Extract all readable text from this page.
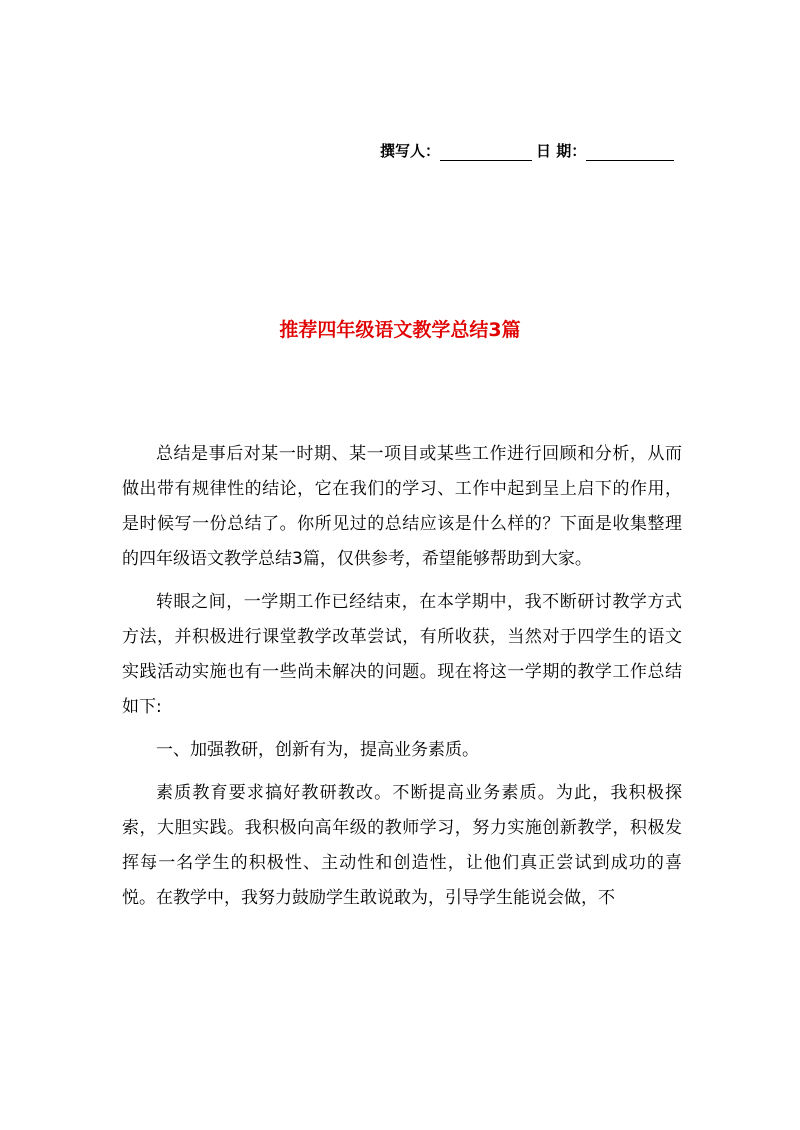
撰写人：	日 期：
推荐四年级语文教学总结3篇

总结是事后对某一时期、某一项目或某些工作进行回顾和分析，从而做出带有规律性的结论，它在我们的学习、工作中起到呈上启下的作用，是时候写一份总结了。你所见过的总结应该是什么样的？下面是收集整理的四年级语文教学总结3篇，仅供参考，希望能够帮助到大家。

转眼之间，一学期工作已经结束，在本学期中，我不断研讨教学方式方法，并积极进行课堂教学改革尝试，有所收获，当然对于四学生的语文实践活动实施也有一些尚未解决的问题。现在将这一学期的教学工作总结如下:

一、加强教研，创新有为，提高业务素质。

素质教育要求搞好教研教改。不断提高业务素质。为此，我积极探索，大胆实践。我积极向高年级的教师学习，努力实施创新教学，积极发挥每一名学生的积极性、主动性和创造性，让他们真正尝试到成功的喜悦。在教学中，我努力鼓励学生敢说敢为，引导学生能说会做，不
